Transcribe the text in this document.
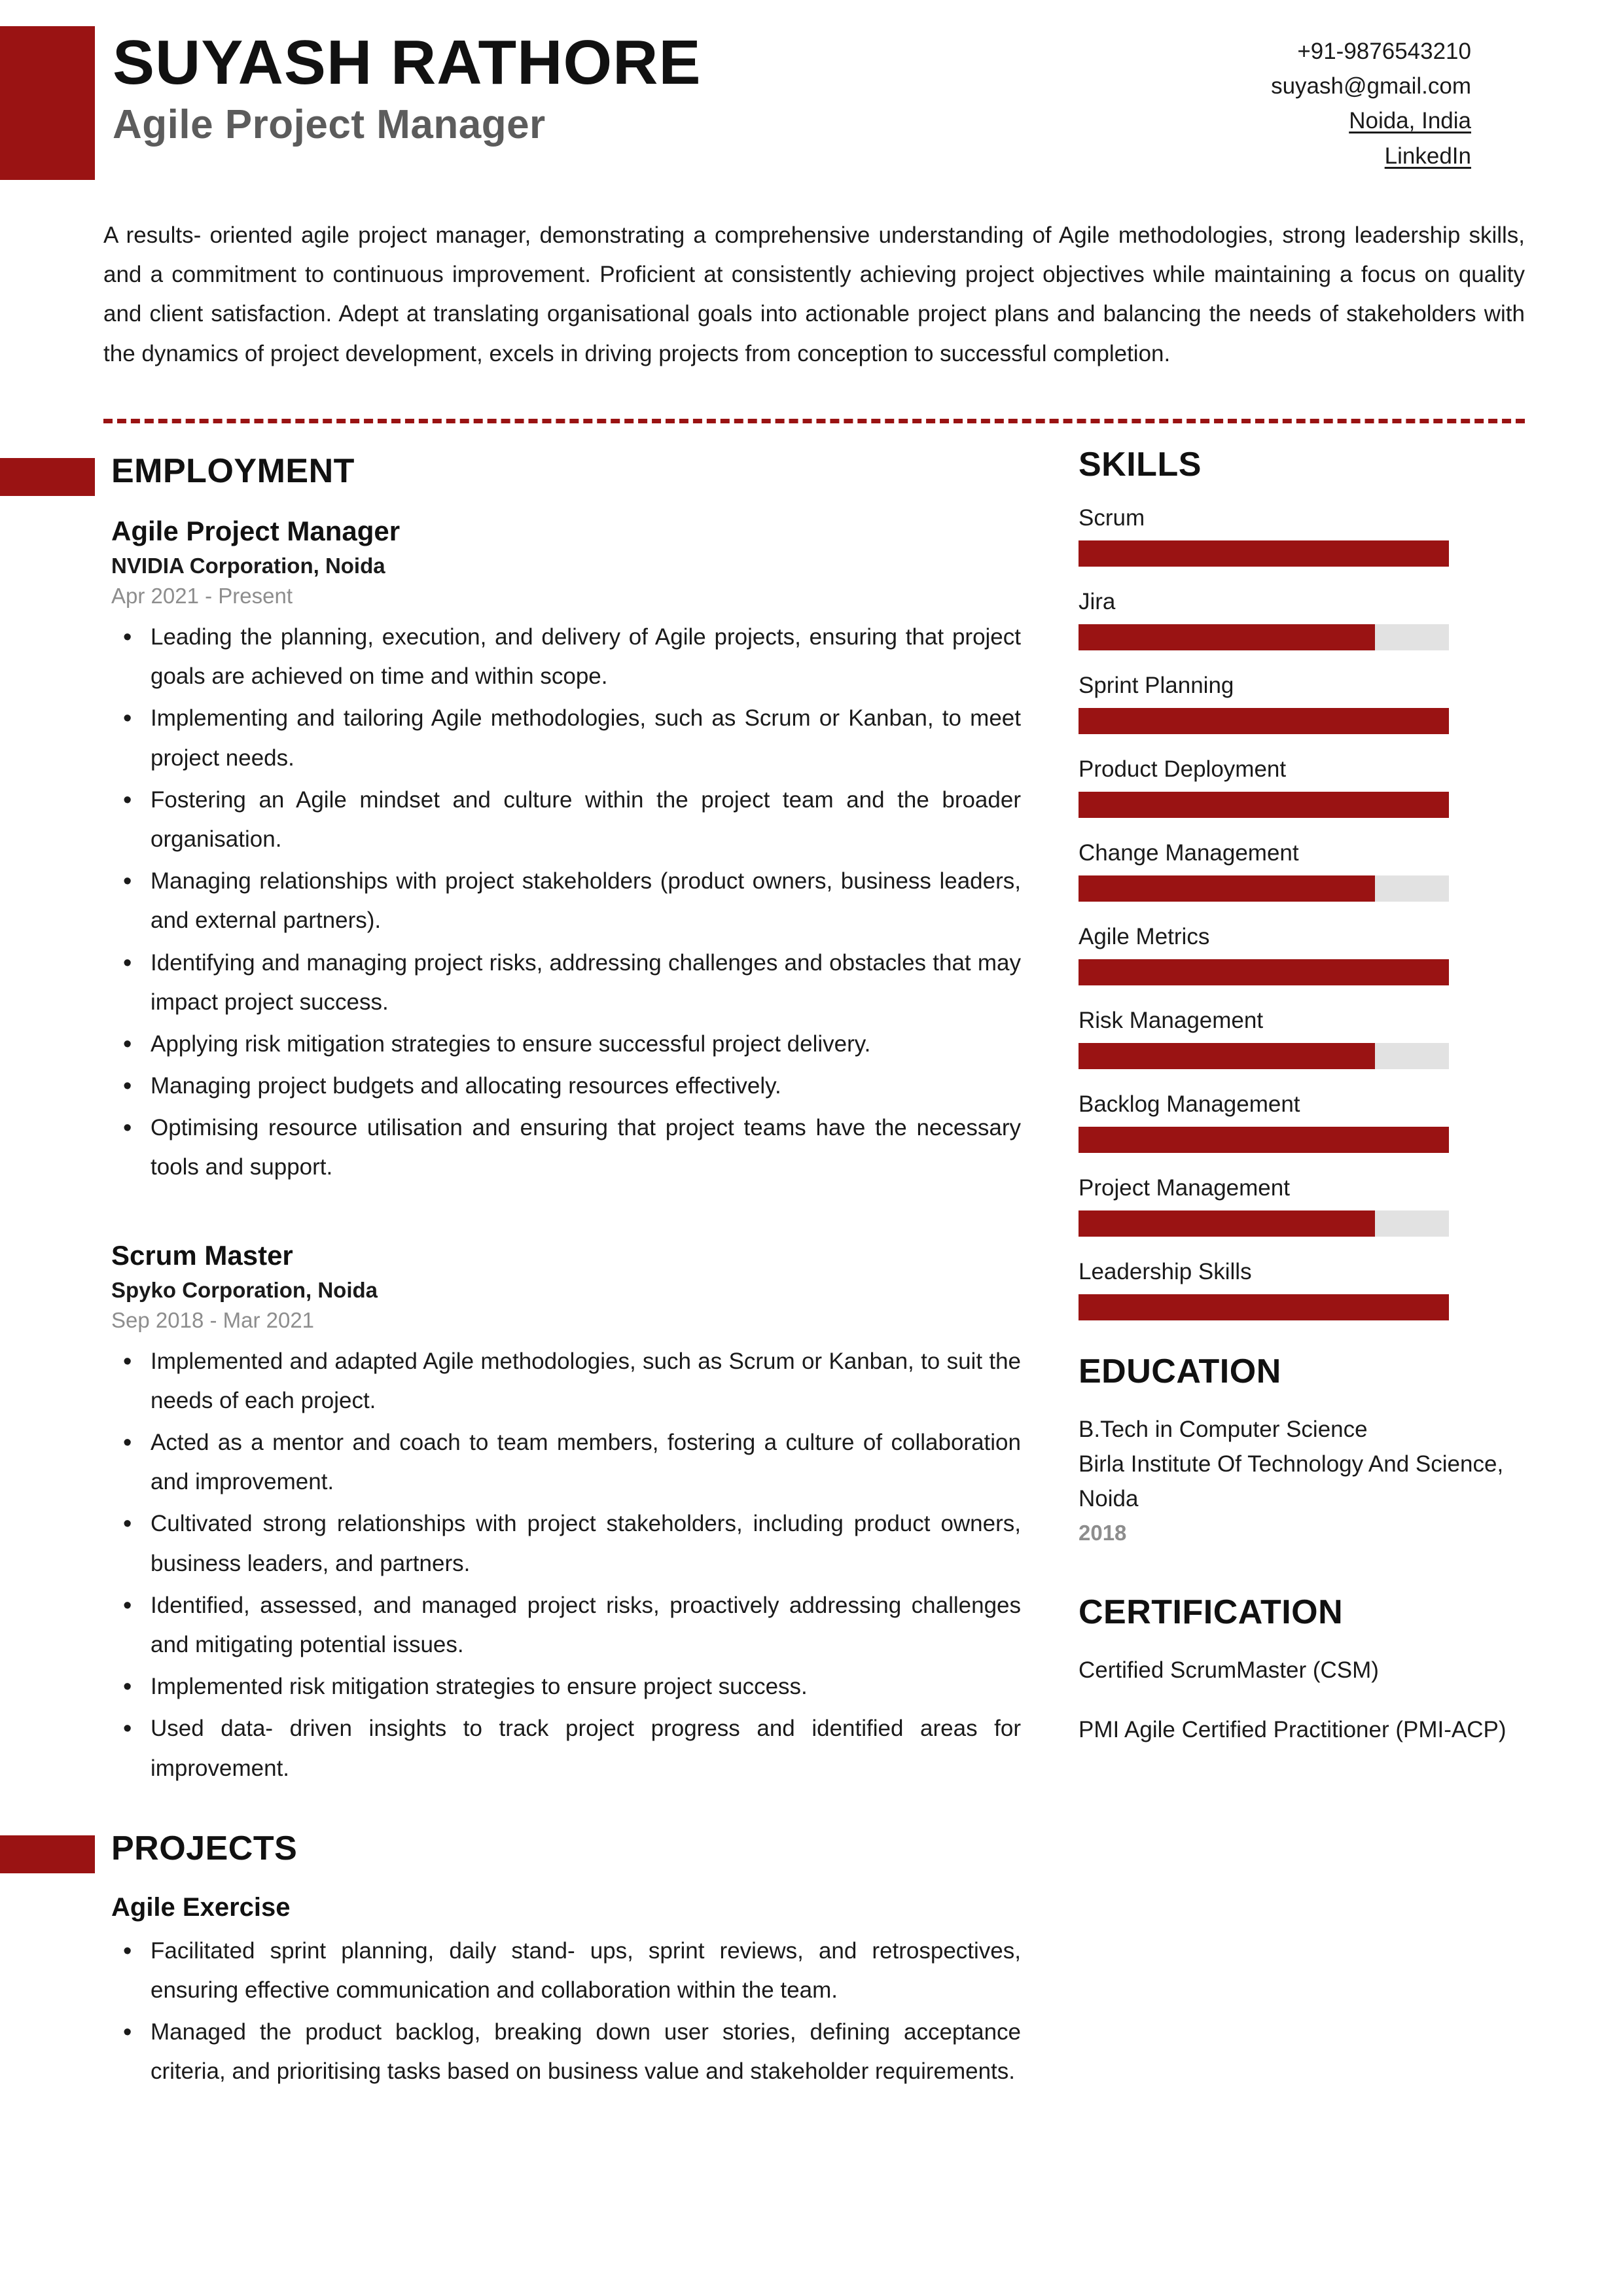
SUYASH RATHORE
Agile Project Manager
+91-9876543210
suyash@gmail.com
Noida, India
LinkedIn
A results- oriented agile project manager, demonstrating a comprehensive understanding of Agile methodologies, strong leadership skills, and a commitment to continuous improvement. Proficient at consistently achieving project objectives while maintaining a focus on quality and client satisfaction. Adept at translating organisational goals into actionable project plans and balancing the needs of stakeholders with the dynamics of project development, excels in driving projects from conception to successful completion.
EMPLOYMENT
Agile Project Manager
NVIDIA Corporation, Noida
Apr 2021 - Present
• Leading the planning, execution, and delivery of Agile projects, ensuring that project goals are achieved on time and within scope.
• Implementing and tailoring Agile methodologies, such as Scrum or Kanban, to meet project needs.
• Fostering an Agile mindset and culture within the project team and the broader organisation.
• Managing relationships with project stakeholders (product owners, business leaders, and external partners).
• Identifying and managing project risks, addressing challenges and obstacles that may impact project success.
• Applying risk mitigation strategies to ensure successful project delivery.
• Managing project budgets and allocating resources effectively.
• Optimising resource utilisation and ensuring that project teams have the necessary tools and support.
Scrum Master
Spyko Corporation, Noida
Sep 2018 - Mar 2021
• Implemented and adapted Agile methodologies, such as Scrum or Kanban, to suit the needs of each project.
• Acted as a mentor and coach to team members, fostering a culture of collaboration and improvement.
• Cultivated strong relationships with project stakeholders, including product owners, business leaders, and partners.
• Identified, assessed, and managed project risks, proactively addressing challenges and mitigating potential issues.
• Implemented risk mitigation strategies to ensure project success.
• Used data- driven insights to track project progress and identified areas for improvement.
PROJECTS
Agile Exercise
• Facilitated sprint planning, daily stand- ups, sprint reviews, and retrospectives, ensuring effective communication and collaboration within the team.
• Managed the product backlog, breaking down user stories, defining acceptance criteria, and prioritising tasks based on business value and stakeholder requirements.
SKILLS
Scrum
Jira
Sprint Planning
Product Deployment
Change Management
Agile Metrics
Risk Management
Backlog Management
Project Management
Leadership Skills
EDUCATION
B.Tech in Computer Science
Birla Institute Of Technology And Science, Noida
2018
CERTIFICATION
Certified ScrumMaster (CSM)
PMI Agile Certified Practitioner (PMI-ACP)
